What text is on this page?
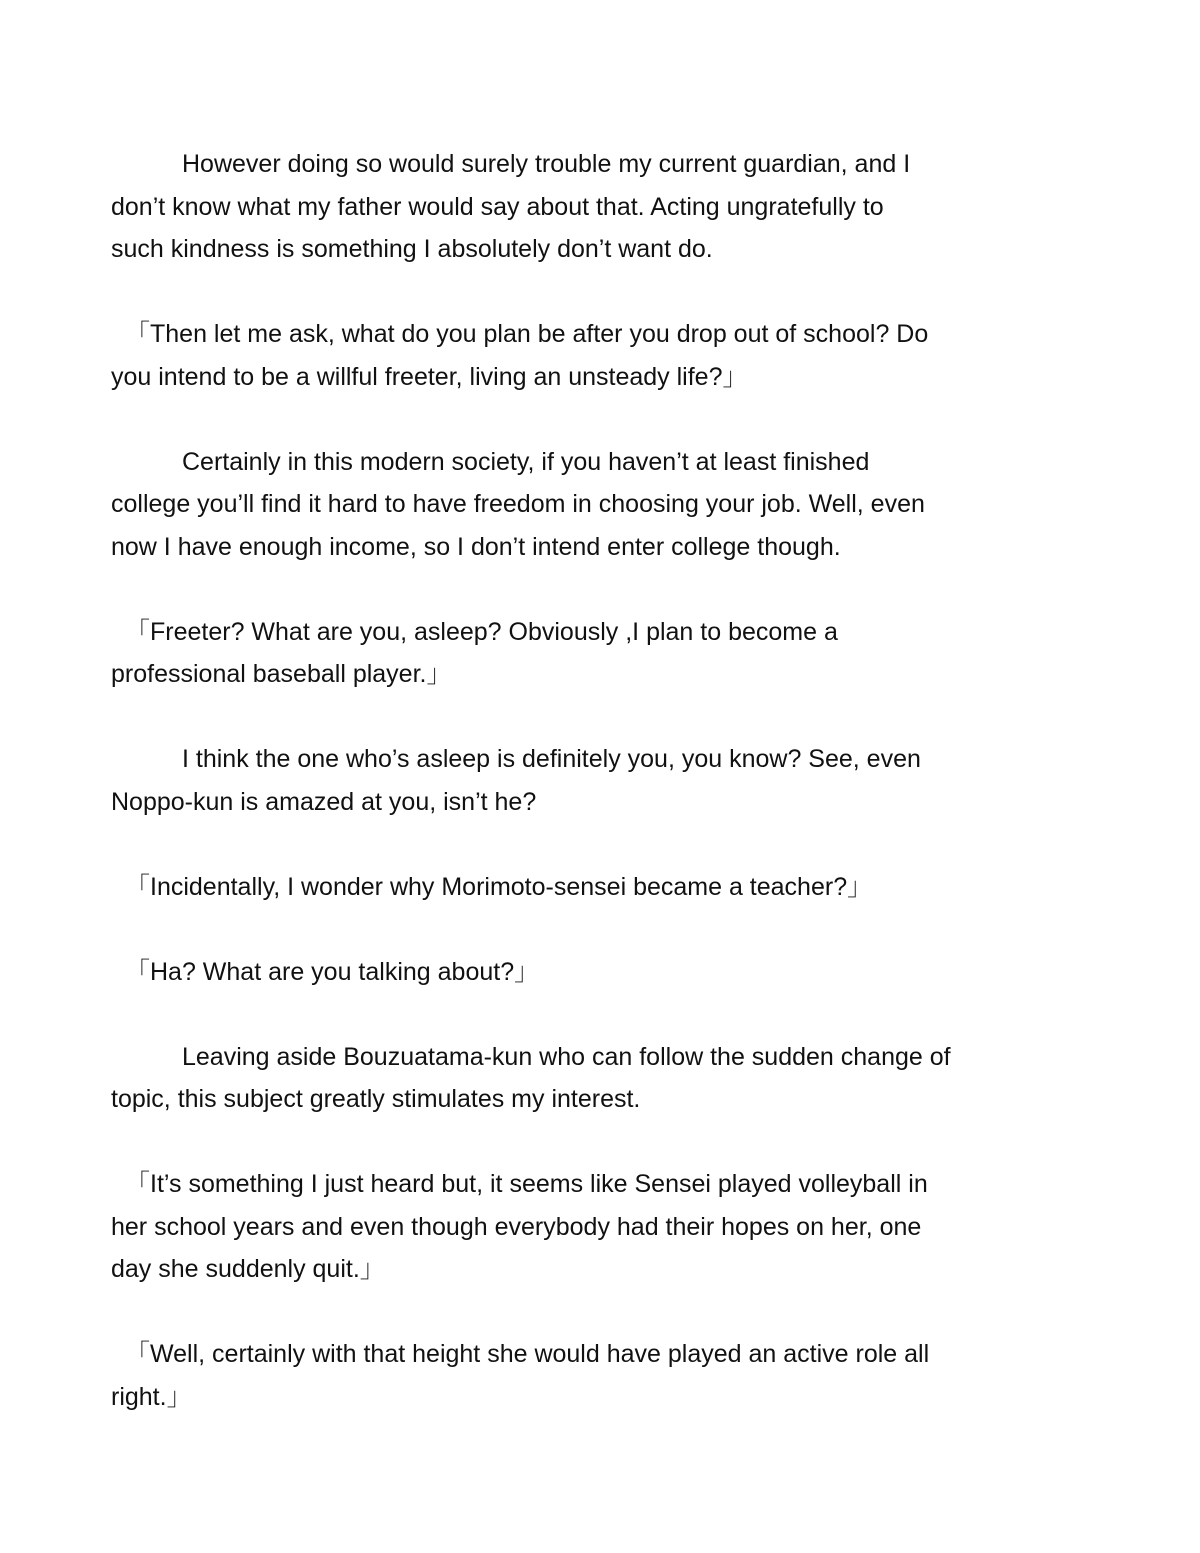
However doing so would surely trouble my current guardian, and I
don’t know what my father would say about that. Acting ungratefully to
such kindness is something I absolutely don’t want do.
「Then let me ask, what do you plan be after you drop out of school? Do
you intend to be a willful freeter, living an unsteady life?」
Certainly in this modern society, if you haven’t at least finished
college you’ll find it hard to have freedom in choosing your job. Well, even
now I have enough income, so I don’t intend enter college though.
「Freeter? What are you, asleep? Obviously ,I plan to become a
professional baseball player.」
I think the one who’s asleep is definitely you, you know? See, even
Noppo-kun is amazed at you, isn’t he?
「Incidentally, I wonder why Morimoto-sensei became a teacher?」
「Ha? What are you talking about?」
Leaving aside Bouzuatama-kun who can follow the sudden change of
topic, this subject greatly stimulates my interest.
「It’s something I just heard but, it seems like Sensei played volleyball in
her school years and even though everybody had their hopes on her, one
day she suddenly quit.」
「Well, certainly with that height she would have played an active role all
right.」
